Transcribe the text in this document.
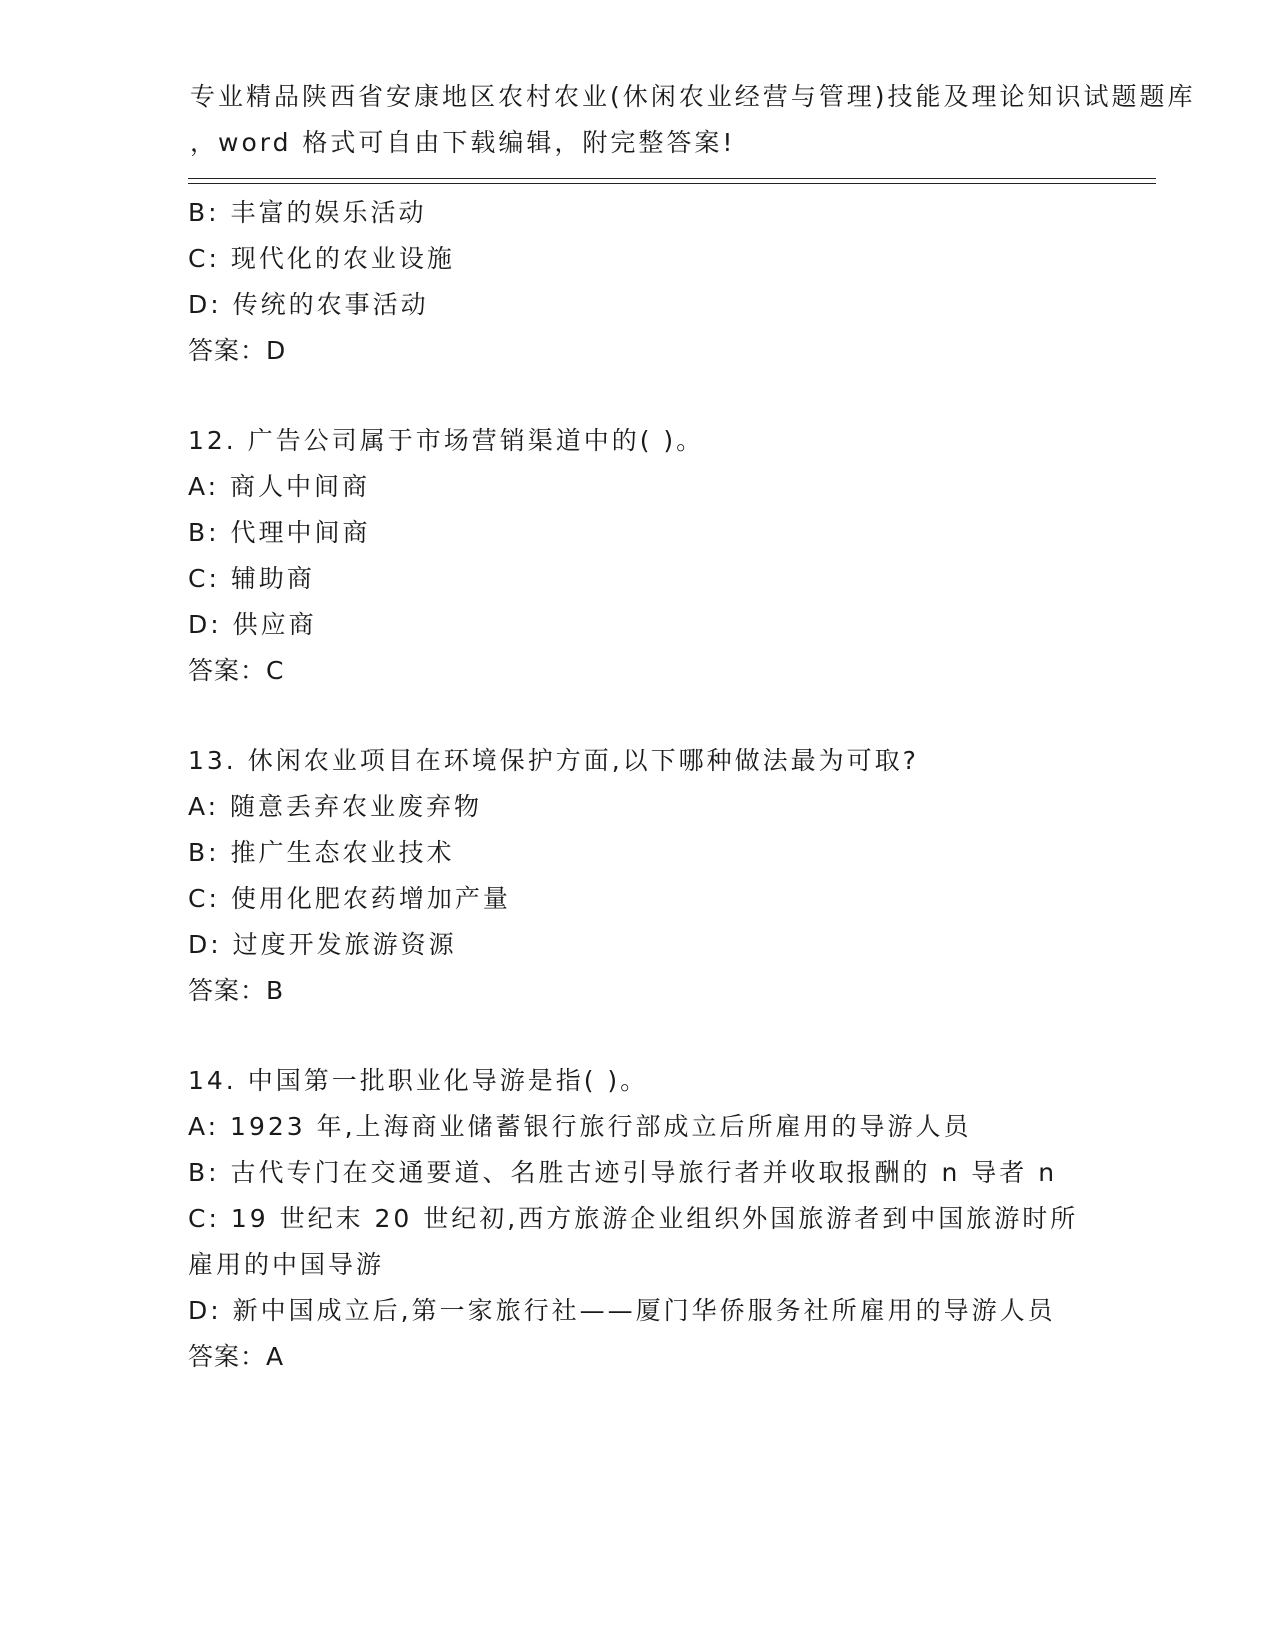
专业精品陕西省安康地区农村农业(休闲农业经营与管理)技能及理论知识试题题库
，word 格式可自由下载编辑，附完整答案!
B: 丰富的娱乐活动
C: 现代化的农业设施
D: 传统的农事活动
答案：D
12. 广告公司属于市场营销渠道中的( )。
A: 商人中间商
B: 代理中间商
C: 辅助商
D: 供应商
答案：C
13. 休闲农业项目在环境保护方面,以下哪种做法最为可取?
A: 随意丢弃农业废弃物
B: 推广生态农业技术
C: 使用化肥农药增加产量
D: 过度开发旅游资源
答案：B
14. 中国第一批职业化导游是指( )。
A: 1923 年,上海商业储蓄银行旅行部成立后所雇用的导游人员
B: 古代专门在交通要道、名胜古迹引导旅行者并收取报酬的 n 导者 n
C: 19 世纪末 20 世纪初,西方旅游企业组织外国旅游者到中国旅游时所雇用的中国导游
D: 新中国成立后,第一家旅行社——厦门华侨服务社所雇用的导游人员
答案：A
